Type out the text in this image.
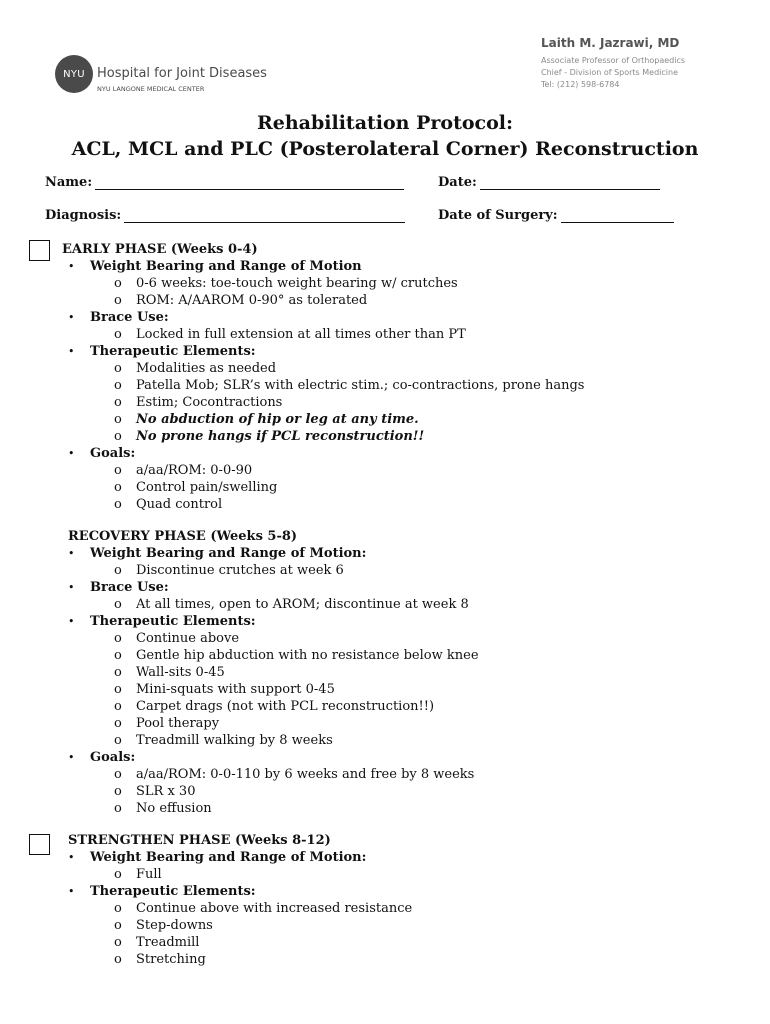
NYU Hospital for Joint Diseases
NYU LANGONE MEDICAL CENTER
Laith M. Jazrawi, MD
Associate Professor of Orthopaedics
Chief - Division of Sports Medicine
Tel: (212) 598-6784
Rehabilitation Protocol:
ACL, MCL and PLC (Posterolateral Corner) Reconstruction
Name:	Date:
Diagnosis:	Date of Surgery:
EARLY PHASE (Weeks 0-4)
• Weight Bearing and Range of Motion
o 0-6 weeks: toe-touch weight bearing w/ crutches
o ROM: A/AAROM 0-90° as tolerated
• Brace Use:
o Locked in full extension at all times other than PT
• Therapeutic Elements:
o Modalities as needed
o Patella Mob; SLR’s with electric stim.; co-contractions, prone hangs
o Estim; Cocontractions
o No abduction of hip or leg at any time.
o No prone hangs if PCL reconstruction!!
• Goals:
o a/aa/ROM: 0-0-90
o Control pain/swelling
o Quad control
RECOVERY PHASE (Weeks 5-8)
• Weight Bearing and Range of Motion:
o Discontinue crutches at week 6
• Brace Use:
o At all times, open to AROM; discontinue at week 8
• Therapeutic Elements:
o Continue above
o Gentle hip abduction with no resistance below knee
o Wall-sits 0-45
o Mini-squats with support 0-45
o Carpet drags (not with PCL reconstruction!!)
o Pool therapy
o Treadmill walking by 8 weeks
• Goals:
o a/aa/ROM: 0-0-110 by 6 weeks and free by 8 weeks
o SLR x 30
o No effusion
STRENGTHEN PHASE (Weeks 8-12)
• Weight Bearing and Range of Motion:
o Full
• Therapeutic Elements:
o Continue above with increased resistance
o Step-downs
o Treadmill
o Stretching
